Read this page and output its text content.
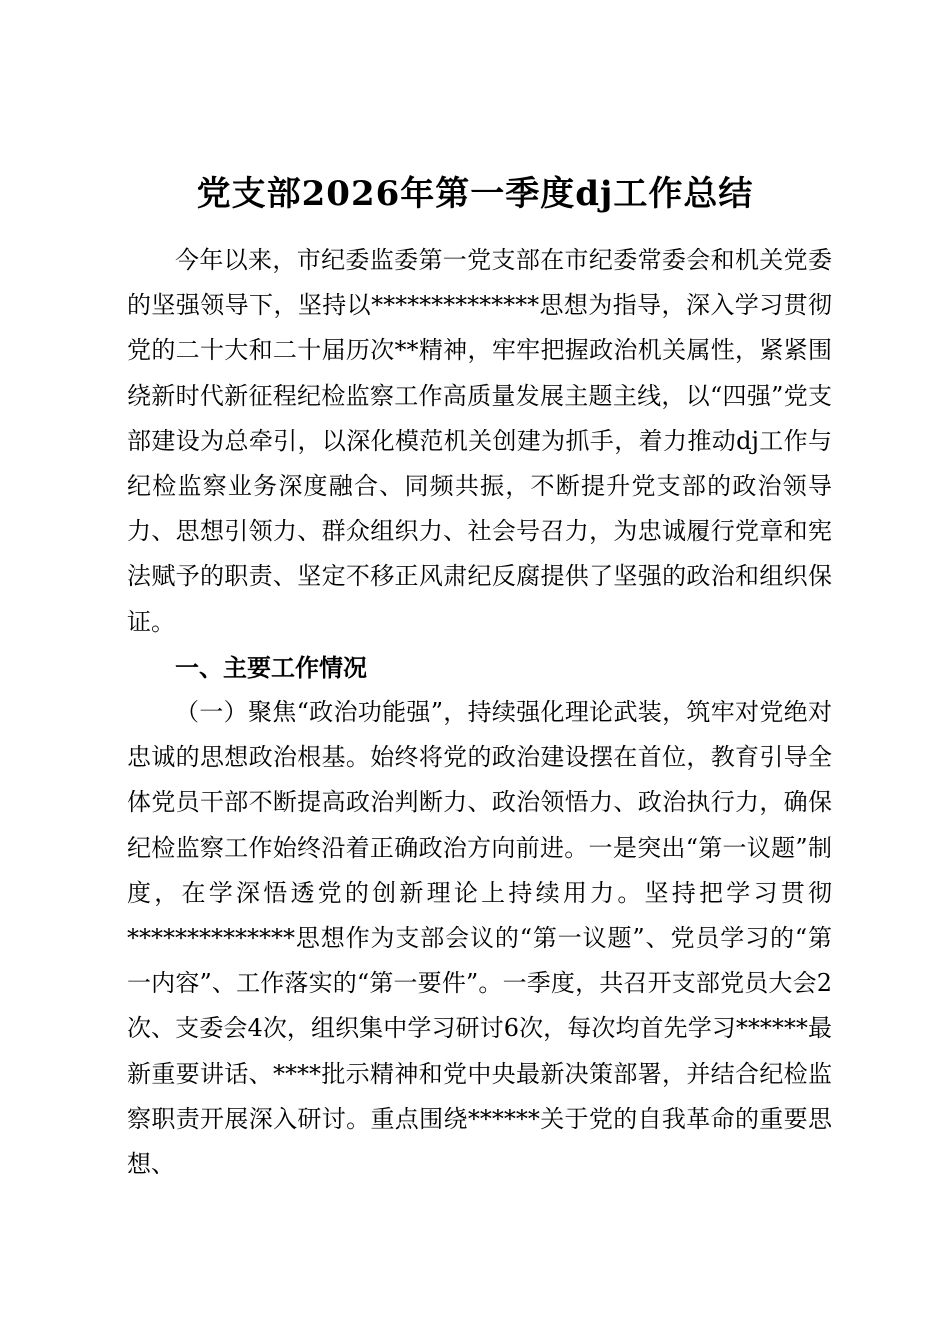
党支部2026年第一季度dj工作总结

今年以来，市纪委监委第一党支部在市纪委常委会和机关党委的坚强领导下，坚持以**************思想为指导，深入学习贯彻党的二十大和二十届历次**精神，牢牢把握政治机关属性，紧紧围绕新时代新征程纪检监察工作高质量发展主题主线，以“四强”党支部建设为总牵引，以深化模范机关创建为抓手，着力推动dj工作与纪检监察业务深度融合、同频共振，不断提升党支部的政治领导力、思想引领力、群众组织力、社会号召力，为忠诚履行党章和宪法赋予的职责、坚定不移正风肃纪反腐提供了坚强的政治和组织保证。

一、主要工作情况

（一）聚焦“政治功能强”，持续强化理论武装，筑牢对党绝对忠诚的思想政治根基。始终将党的政治建设摆在首位，教育引导全体党员干部不断提高政治判断力、政治领悟力、政治执行力，确保纪检监察工作始终沿着正确政治方向前进。一是突出“第一议题”制度，在学深悟透党的创新理论上持续用力。坚持把学习贯彻**************思想作为支部会议的“第一议题”、党员学习的“第一内容”、工作落实的“第一要件”。一季度，共召开支部党员大会2次、支委会4次，组织集中学习研讨6次，每次均首先学习******最新重要讲话、****批示精神和党中央最新决策部署，并结合纪检监察职责开展深入研讨。重点围绕******关于党的自我革命的重要思想、
